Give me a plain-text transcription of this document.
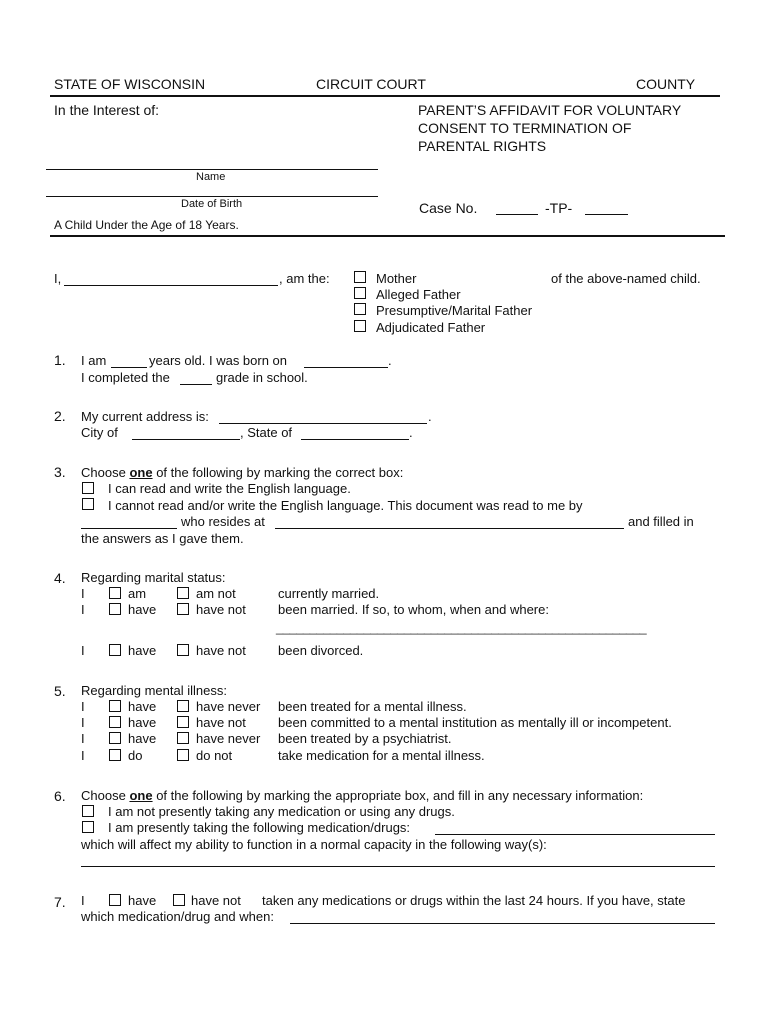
STATE OF WISCONSIN	CIRCUIT COURT	COUNTY
In the Interest of:	PARENT’S AFFIDAVIT FOR VOLUNTARY
CONSENT TO TERMINATION OF
PARENTAL RIGHTS
Name
Date of Birth	Case No.	-TP-
A Child Under the Age of 18 Years.
I,	, am the:	Mother	of the above-named child.
Alleged Father
Presumptive/Marital Father
Adjudicated Father
1. I am	years old. I was born on	.
I completed the	grade in school.
2. My current address is:	.
City of	, State of	.
3. Choose one of the following by marking the correct box:
I can read and write the English language.
I cannot read and/or write the English language. This document was read to me by
who resides at	and filled in
the answers as I gave them.
4. Regarding marital status:
I	am	am not	currently married.
I	have	have not been married. If so, to whom, when and where:
_______________________________________________________
I	have	have not been divorced.
5. Regarding mental illness:
I	have	have never been treated for a mental illness.
I	have	have not been committed to a mental institution as mentally ill or incompetent.
I	have	have never been treated by a psychiatrist.
I	do	do not	take medication for a mental illness.
6. Choose one of the following by marking the appropriate box, and fill in any necessary information:
I am not presently taking any medication or using any drugs.
I am presently taking the following medication/drugs:
which will affect my ability to function in a normal capacity in the following way(s):
7. I	have	have not taken any medications or drugs within the last 24 hours. If you have, state
which medication/drug and when:
